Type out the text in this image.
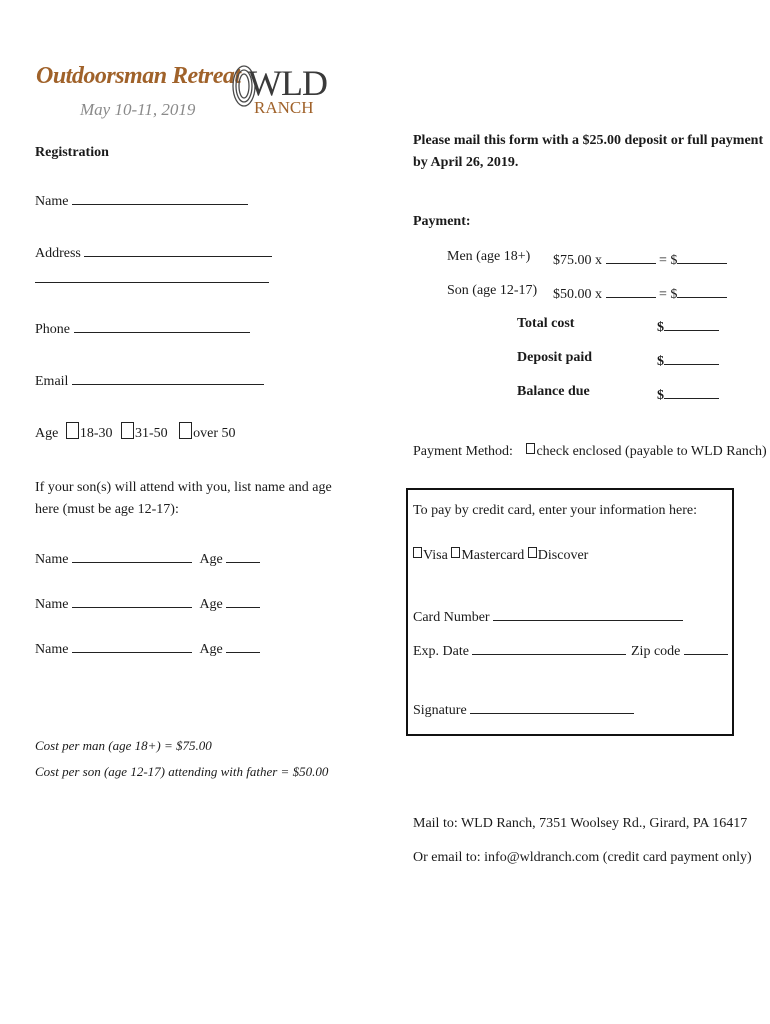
Outdoorsman Retreat
May 10-11, 2019
WLD
RANCH
Registration
Name
Address
Phone
Email
Age 18-30 31-50 over 50
If your son(s) will attend with you, list name and age
here (must be age 12-17):
Name	Age
Name	Age
Name	Age
Cost per man (age 18+) = $75.00
Cost per son (age 12-17) attending with father = $50.00
Please mail this form with a $25.00 deposit or full payment
by April 26, 2019.
Payment:
Men (age 18+) $75.00 x	= $
Son (age 12-17) $50.00 x	= $
Total cost	$
Deposit paid	$
Balance due	$
Payment Method: check enclosed (payable to WLD Ranch)
To pay by credit card, enter your information here:
Visa Mastercard Discover
Card Number
Exp. Date	Zip code
Signature
Mail to: WLD Ranch, 7351 Woolsey Rd., Girard, PA 16417
Or email to: info@wldranch.com (credit card payment only)
